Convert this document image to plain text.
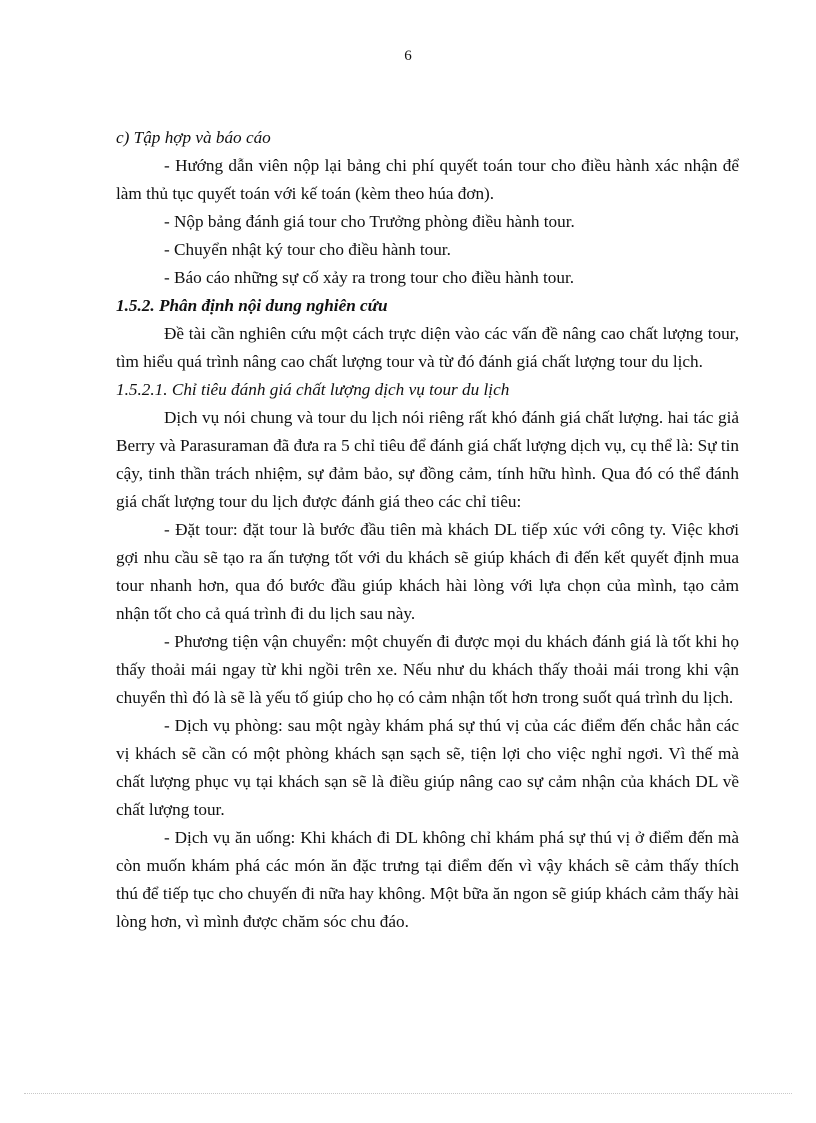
6

c) Tập hợp và báo cáo

- Hướng dẫn viên nộp lại bảng chi phí quyết toán tour cho điều hành xác nhận để làm thủ tục quyết toán với kế toán (kèm theo húa đơn).

- Nộp bảng đánh giá tour cho Trưởng phòng điều hành tour.

- Chuyển nhật ký tour cho điều hành tour.

- Báo cáo những sự cố xảy ra trong tour cho điều hành tour.

1.5.2. Phân định nội dung nghiên cứu

Đề tài cần nghiên cứu một cách trực diện vào các vấn đề nâng cao chất lượng tour, tìm hiểu quá trình nâng cao chất lượng tour và từ đó đánh giá chất lượng tour du lịch.

1.5.2.1. Chỉ tiêu đánh giá chất lượng dịch vụ tour du lịch

Dịch vụ nói chung và tour du lịch nói riêng rất khó đánh giá chất lượng. hai tác giả Berry và Parasuraman đã đưa ra 5 chỉ tiêu để đánh giá chất lượng dịch vụ, cụ thể là: Sự tin cậy, tinh thần trách nhiệm, sự đảm bảo, sự đồng cảm, tính hữu hình. Qua đó có thể đánh giá chất lượng tour du lịch được đánh giá theo các chỉ tiêu:

- Đặt tour: đặt tour là bước đầu tiên mà khách DL tiếp xúc với công ty. Việc khơi gợi nhu cầu sẽ tạo ra ấn tượng tốt với du khách sẽ giúp khách đi đến kết quyết định mua tour nhanh hơn, qua đó bước đầu giúp khách hài lòng với lựa chọn của mình, tạo cảm nhận tốt cho cả quá trình đi du lịch sau này.

- Phương tiện vận chuyển: một chuyến đi được mọi du khách đánh giá là tốt khi họ thấy thoải mái ngay từ khi ngồi trên xe. Nếu như du khách thấy thoải mái trong khi vận chuyển thì đó là sẽ là yếu tố giúp cho họ có cảm nhận tốt hơn trong suốt quá trình du lịch.

- Dịch vụ phòng: sau một ngày khám phá sự thú vị của các điểm đến chắc hẳn các vị khách sẽ cần có một phòng khách sạn sạch sẽ, tiện lợi cho việc nghỉ ngơi. Vì thế mà chất lượng phục vụ tại khách sạn sẽ là điều giúp nâng cao sự cảm nhận của khách DL về chất lượng tour.

- Dịch vụ ăn uống: Khi khách đi DL không chỉ khám phá sự thú vị ở điểm đến mà còn muốn khám phá các món ăn đặc trưng tại điểm đến vì vậy khách sẽ cảm thấy thích thú để tiếp tục cho chuyến đi nữa hay không. Một bữa ăn ngon sẽ giúp khách cảm thấy hài lòng hơn, vì mình được chăm sóc chu đáo.
